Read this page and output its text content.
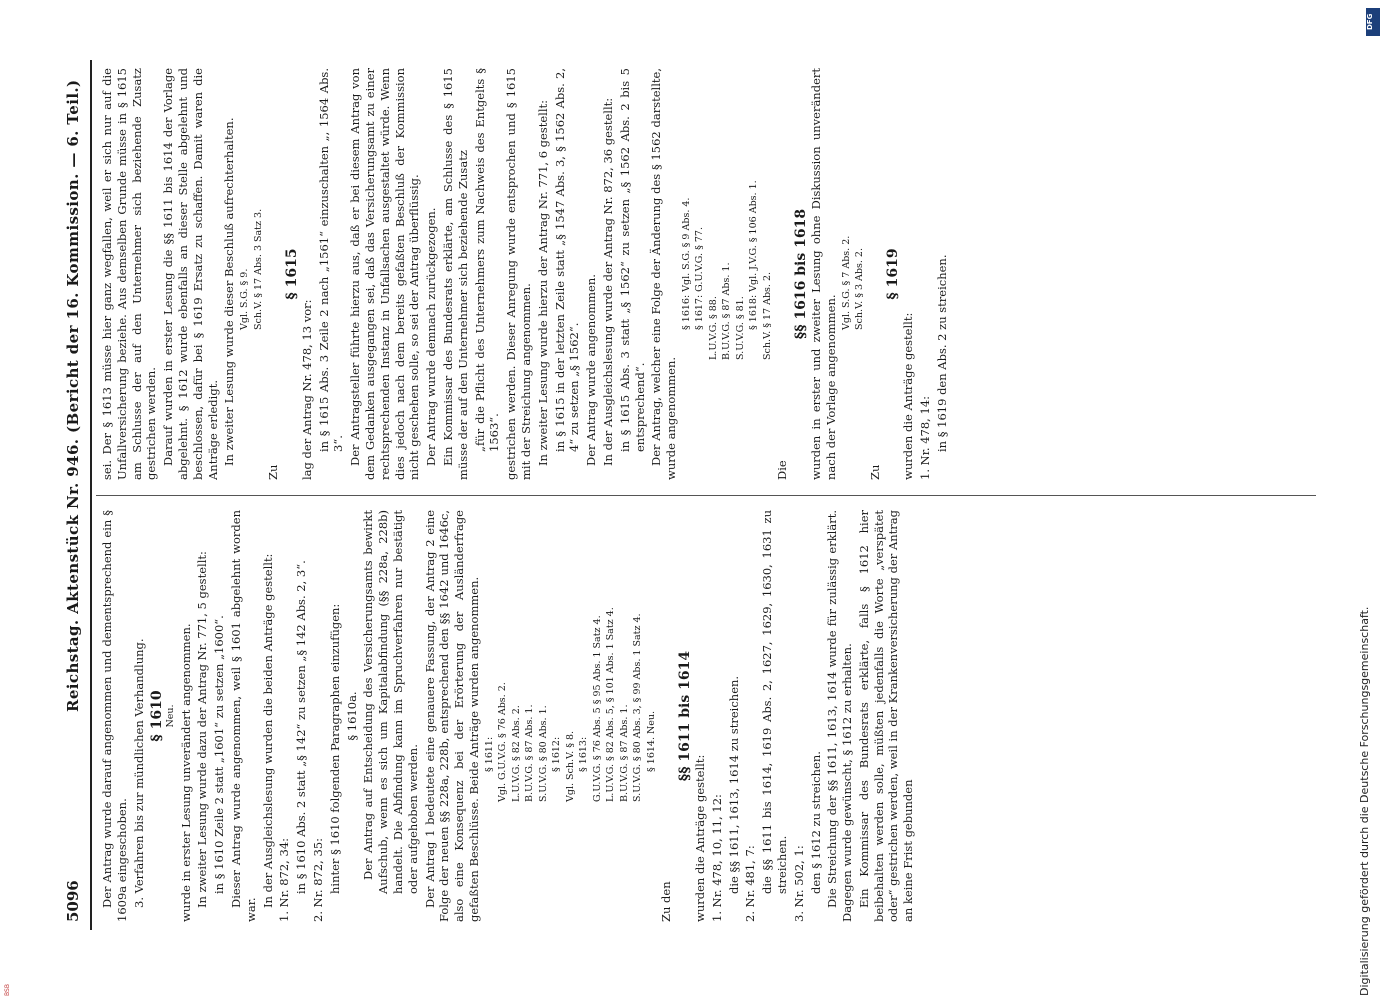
5096
Reichstag. Aktenstück Nr. 946. (Bericht der 16. Kommission. — 6. Teil.) Der Antrag wurde darauf angenommen und dementsprechend ein § 1609a eingeschoben. 3. Verfahren bis zur mündlichen Verhandlung. § 1610 Neu. wurde in erster Lesung unverändert angenommen. In zweiter Lesung wurde dazu der Antrag Nr. 771, 5 gestellt: in § 1610 Zeile 2 statt „1601“ zu setzen „1600“. Dieser Antrag wurde angenommen, weil § 1601 abgelehnt worden war.

In der Ausgleichslesung wurden die beiden Anträge gestellt: 1. Nr. 872, 34: in § 1610 Abs. 2 statt „§ 142“ zu setzen „§ 142 Abs. 2, 3“. 2. Nr. 872, 35: hinter § 1610 folgenden Paragraphen einzufügen: § 1610a. Der Antrag auf Entscheidung des Versicherungsamts bewirkt Aufschub, wenn es sich um Kapitalabfindung (§§ 228a, 228b) handelt. Die Abfindung kann im Spruchverfahren nur bestätigt oder aufgehoben werden. Der Antrag 1 bedeutete eine genauere Fassung, der Antrag 2 eine Folge der neuen §§ 228a, 228b, entsprechend den §§ 1642 und 1646c, also eine Konsequenz bei der Erörterung der Ausländerfrage gefaßten Beschlüsse. Beide Anträge wurden angenommen. § 1611: Vgl. G.U.V.G. § 76 Abs. 2. L.U.V.G. § 82 Abs. 2. B.U.V.G. § 87 Abs. 1. S.U.V.G. § 80 Abs. 1. § 1612: Vgl. Sch.V. § 8. § 1613: G.U.V.G. § 76 Abs. 5 § 95 Abs. 1 Satz 4. L.U.V.G. § 82 Abs. 5, § 101 Abs. 1 Satz 4. B.U.V.G. § 87 Abs. 1. S.U.V.G. § 80 Abs. 3, § 99 Abs. 1 Satz 4. § 1614. Neu.

Zu den

§§ 1611 bis 1614

wurden die Anträge gestellt: 1. Nr. 478, 10, 11, 12: die §§ 1611, 1613, 1614 zu streichen. 2. Nr. 481, 7: die §§ 1611 bis 1614, 1619 Abs. 2, 1627, 1629, 1630, 1631 zu streichen. 3. Nr. 502, 1: den § 1612 zu streichen. Die Streichung der §§ 1611, 1613, 1614 wurde für zulässig erklärt. Dagegen wurde gewünscht, § 1612 zu erhalten. Ein Kommissar des Bundesrats erklärte, falls § 1612 hier beibehalten werden solle, müßten jedenfalls die Worte „verspätet oder“ gestrichen werden, weil in der Krankenversicherung der Antrag an keine Frist gebunden

sei. Der § 1613 müsse hier ganz wegfallen, weil er sich nur auf die Unfallversicherung beziehe. Aus demselben Grunde müsse in § 1615 am Schlusse der auf den Unternehmer sich beziehende Zusatz gestrichen werden. Darauf wurden in erster Lesung die §§ 1611 bis 1614 der Vorlage abgelehnt. § 1612 wurde ebenfalls an dieser Stelle abgelehnt und beschlossen, dafür bei § 1619 Ersatz zu schaffen. Damit waren die Anträge erledigt. In zweiter Lesung wurde dieser Beschluß aufrechterhalten. Vgl. S.G. § 9. Sch.V. § 17 Abs. 3 Satz 3.

Zu

§ 1615

lag der Antrag Nr. 478, 13 vor: in § 1615 Abs. 3 Zeile 2 nach „1561“ einzuschalten „, 1564 Abs. 3“. Der Antragsteller führte hierzu aus, daß er bei diesem Antrag von dem Gedanken ausgegangen sei, daß das Versicherungsamt zu einer rechtsprechenden Instanz in Unfallsachen ausgestaltet würde. Wenn dies jedoch nach dem bereits gefaßten Beschluß der Kommission nicht geschehen solle, so sei der Antrag überflüssig. Der Antrag wurde demnach zurückgezogen. Ein Kommissar des Bundesrats erklärte, am Schlusse des § 1615 müsse der auf den Unternehmer sich beziehende Zusatz „für die Pflicht des Unternehmers zum Nachweis des Entgelts § 1563“. gestrichen werden. Dieser Anregung wurde entsprochen und § 1615 mit der Streichung angenommen. In zweiter Lesung wurde hierzu der Antrag Nr. 771, 6 gestellt: in § 1615 in der letzten Zeile statt „§ 1547 Abs. 3, § 1562 Abs. 2, 4“ zu setzen „§ 1562“. Der Antrag wurde angenommen. In der Ausgleichslesung wurde der Antrag Nr. 872, 36 gestellt: in § 1615 Abs. 3 statt „§ 1562“ zu setzen „§ 1562 Abs. 2 bis 5 entsprechend“. Der Antrag, welcher eine Folge der Änderung des § 1562 darstellte, wurde angenommen.

§ 1616: Vgl. S.G. § 9 Abs. 4. § 1617: G.U.V.G. § 77. L.U.V.G. § 88. B.U.V.G. § 87 Abs. 1. S.U.V.G. § 81. § 1618: Vgl. J.V.G. § 106 Abs. 1. Sch.V. § 17 Abs. 2.

Die

§§ 1616 bis 1618 wurden in erster und zweiter Lesung ohne Diskussion unverändert nach der Vorlage angenommen.

Vgl. S.G. § 7 Abs. 2. Sch.V. § 3 Abs. 2.

Zu

§ 1619

wurden die Anträge gestellt: 1. Nr. 478, 14: in § 1619 den Abs. 2 zu streichen.

Digitalisierung gefördert durch die Deutsche Forschungsgemeinschaft.
DFG
BSB
